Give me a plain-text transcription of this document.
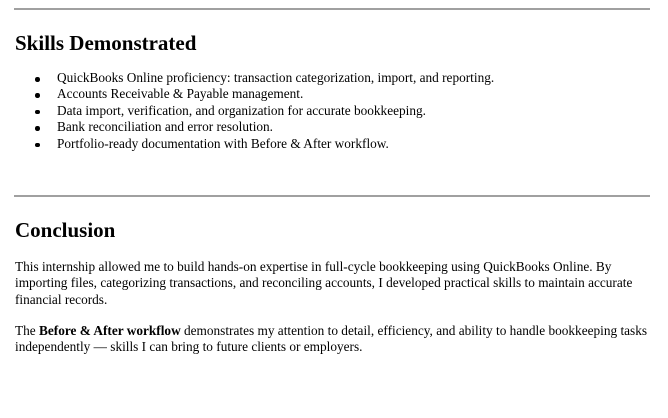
Skills Demonstrated
QuickBooks Online proficiency: transaction categorization, import, and reporting.
Accounts Receivable & Payable management.
Data import, verification, and organization for accurate bookkeeping.
Bank reconciliation and error resolution.
Portfolio-ready documentation with Before & After workflow.
Conclusion

This internship allowed me to build hands-on expertise in full-cycle bookkeeping using QuickBooks Online. By importing files, categorizing transactions, and reconciling accounts, I developed practical skills to maintain accurate financial records.

The Before & After workflow demonstrates my attention to detail, efficiency, and ability to handle bookkeeping tasks independently — skills I can bring to future clients or employers.
